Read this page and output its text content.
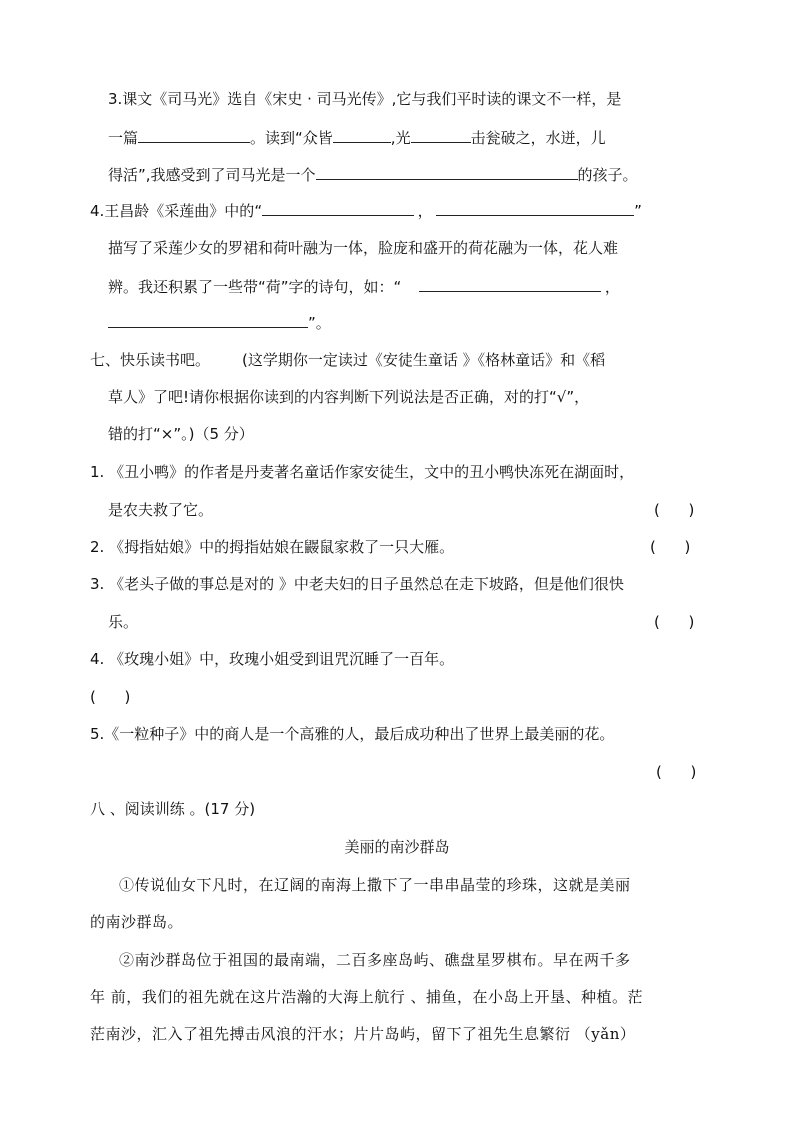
3.课文《司马光》选自《宋史 · 司马光传》,它与我们平时读的课文不一样，是
一篇	。读到“众皆	,光	击瓮破之，水迸，儿
得活”,我感受到了司马光是一个	的孩子。
4.王昌龄《采莲曲》中的“	，	”
描写了采莲少女的罗裙和荷叶融为一体，脸庞和盛开的荷花融为一体，花人难
辨。我还积累了一些带“荷”字的诗句，如：“	，
”。
七、快乐读书吧。 (这学期你一定读过《安徒生童话 》《格林童话》和《稻
草人》了吧!请你根据你读到的内容判断下列说法是否正确，对的打“√”，
错的打“×”。)（5 分）
1. 《丑小鸭》的作者是丹麦著名童话作家安徒生，文中的丑小鸭快冻死在湖面时，
是农夫救了它。	(      )
2. 《拇指姑娘》中的拇指姑娘在鼹鼠家救了一只大雁。	(      )
3. 《老头子做的事总是对的 》中老夫妇的日子虽然总在走下坡路，但是他们很快
乐。	(      )
4. 《玫瑰小姐》中，玫瑰小姐受到诅咒沉睡了一百年。
(      )
5.《一粒种子》中的商人是一个高雅的人，最后成功种出了世界上最美丽的花。
(      )
八 、阅读训练 。(17 分)
美丽的南沙群岛
①传说仙女下凡时，在辽阔的南海上撒下了一串串晶莹的珍珠，这就是美丽
的南沙群岛。
②南沙群岛位于祖国的最南端，二百多座岛屿、礁盘星罗棋布。早在两千多
年 前，我们的祖先就在这片浩瀚的大海上航行 、捕鱼，在小岛上开垦、种植。茫
茫南沙，汇入了祖先搏击风浪的汗水；片片岛屿，留下了祖先生息繁衍 （yǎn）
